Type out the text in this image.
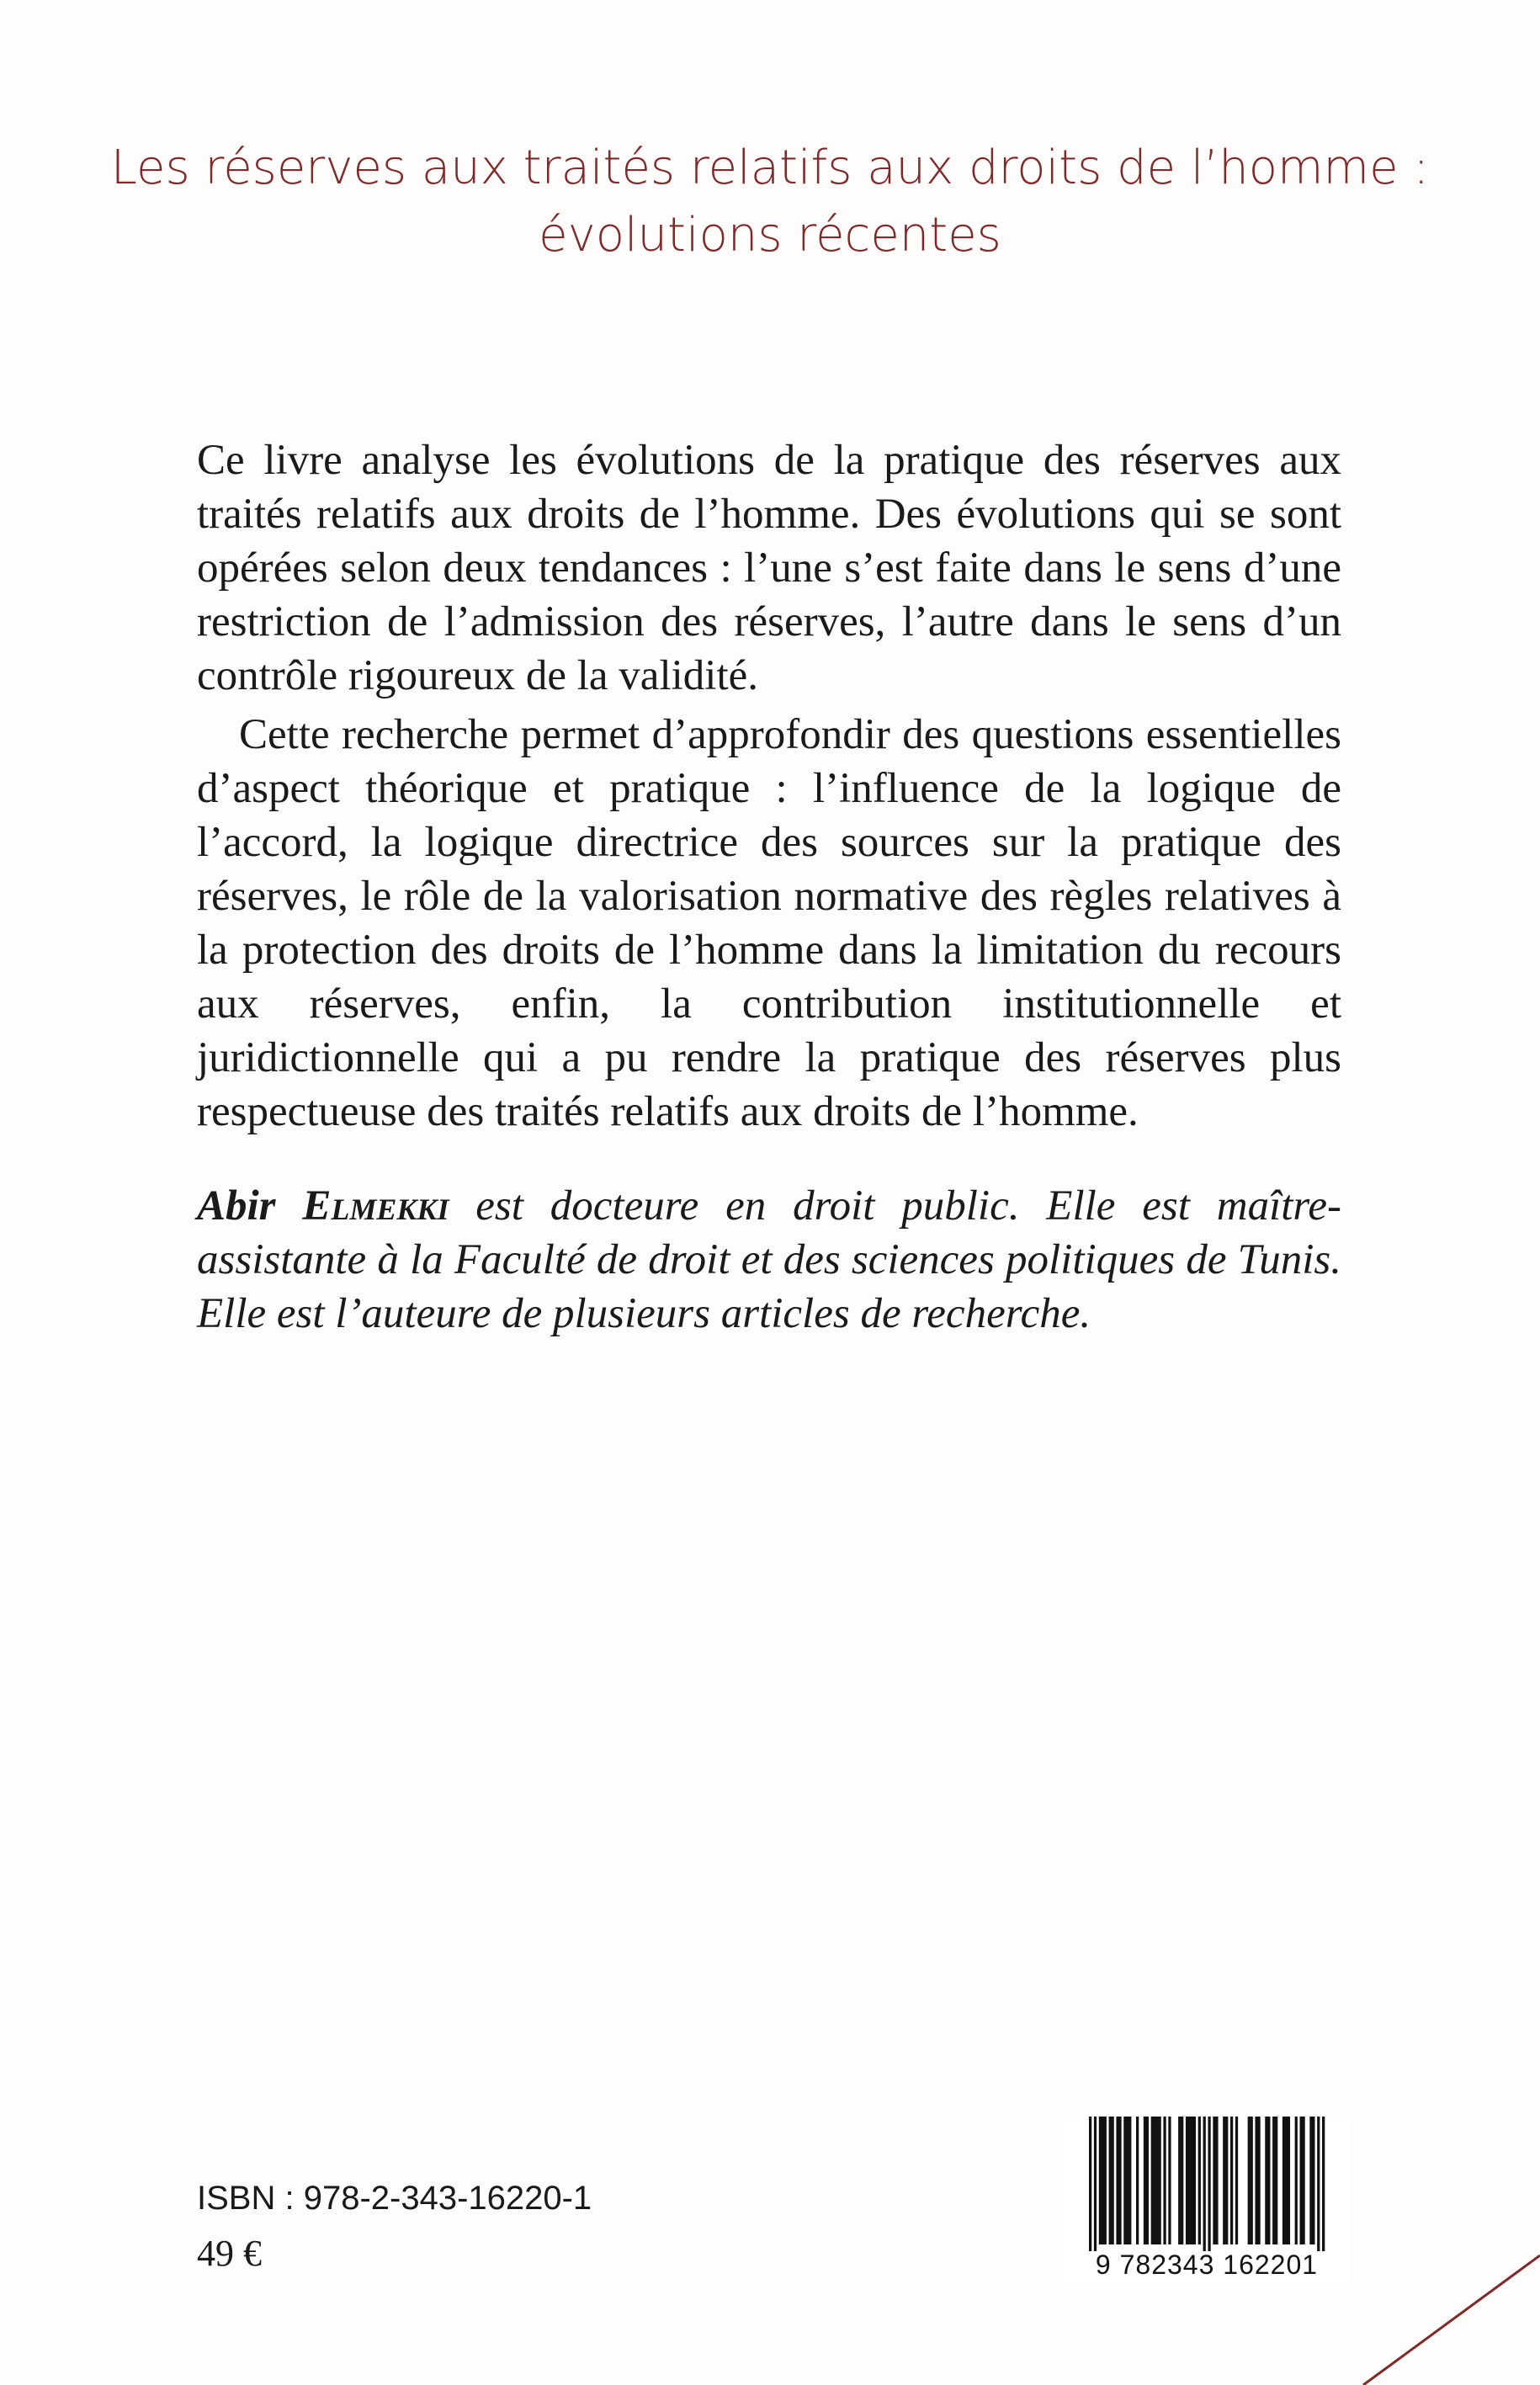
Les réserves aux traités relatifs aux droits de l’homme :
évolutions récentes

Ce livre analyse les évolutions de la pratique des réserves aux traités relatifs aux droits de l’homme. Des évolutions qui se sont opérées selon deux tendances : l’une s’est faite dans le sens d’une restriction de l’admission des réserves, l’autre dans le sens d’un contrôle rigoureux de la validité.

Cette recherche permet d’approfondir des questions essentielles d’aspect théorique et pratique : l’influence de la logique de l’accord, la logique directrice des sources sur la pratique des réserves, le rôle de la valorisation normative des règles relatives à la protection des droits de l’homme dans la limitation du recours aux réserves, enfin, la contribution institutionnelle et juridictionnelle qui a pu rendre la pratique des réserves plus respectueuse des traités relatifs aux droits de l’homme.

Abir Elmekki est docteure en droit public. Elle est maître-assistante à la Faculté de droit et des sciences politiques de Tunis. Elle est l’auteure de plusieurs articles de recherche.

ISBN : 978-2-343-16220-1
49 €	9 782343 162201
